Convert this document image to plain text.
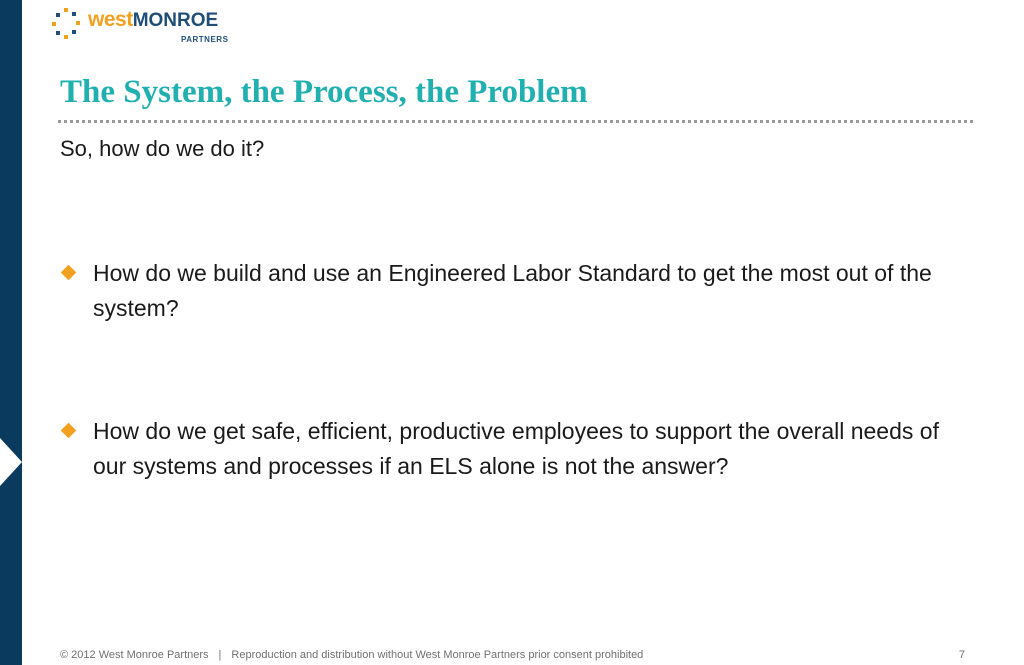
westMONROE
PARTNERS
The System, the Process, the Problem

So, how do we do it?

How do we build and use an Engineered Labor Standard to get the most out of the system?
How do we get safe, efficient, productive employees to support the overall needs of our systems and processes if an ELS alone is not the answer?
© 2012 West Monroe Partners | Reproduction and distribution without West Monroe Partners prior consent prohibited	7
